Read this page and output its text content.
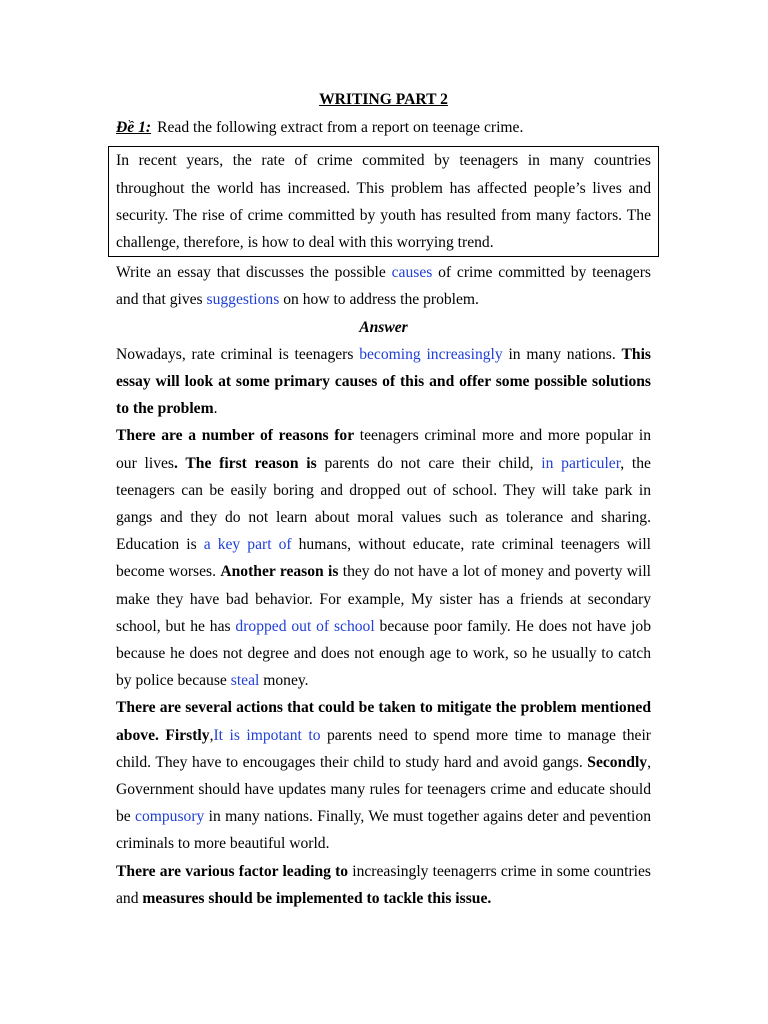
WRITING PART 2
Đề 1: Read the following extract from a report on teenage crime.
In recent years, the rate of crime commited by teenagers in many countries throughout the world has increased. This problem has affected people’s lives and security. The rise of crime committed by youth has resulted from many factors. The challenge, therefore, is how to deal with this worrying trend.

Write an essay that discusses the possible causes of crime committed by teenagers and that gives suggestions on how to address the problem.

Answer

Nowadays, rate criminal is teenagers becoming increasingly in many nations. This essay will look at some primary causes of this and offer some possible solutions to the problem.

There are a number of reasons for teenagers criminal more and more popular in our lives. The first reason is parents do not care their child, in particuler, the teenagers can be easily boring and dropped out of school. They will take park in gangs and they do not learn about moral values such as tolerance and sharing. Education is a key part of humans, without educate, rate criminal teenagers will become worses. Another reason is they do not have a lot of money and poverty will make they have bad behavior. For example, My sister has a friends at secondary school, but he has dropped out of school because poor family. He does not have job because he does not degree and does not enough age to work, so he usually to catch by police because steal money.

There are several actions that could be taken to mitigate the problem mentioned above. Firstly,It is impotant to parents need to spend more time to manage their child. They have to encougages their child to study hard and avoid gangs. Secondly, Government should have updates many rules for teenagers crime and educate should be compusory in many nations. Finally, We must together agains deter and pevention criminals to more beautiful world.

There are various factor leading to increasingly teenagerrs crime in some countries and measures should be implemented to tackle this issue.
